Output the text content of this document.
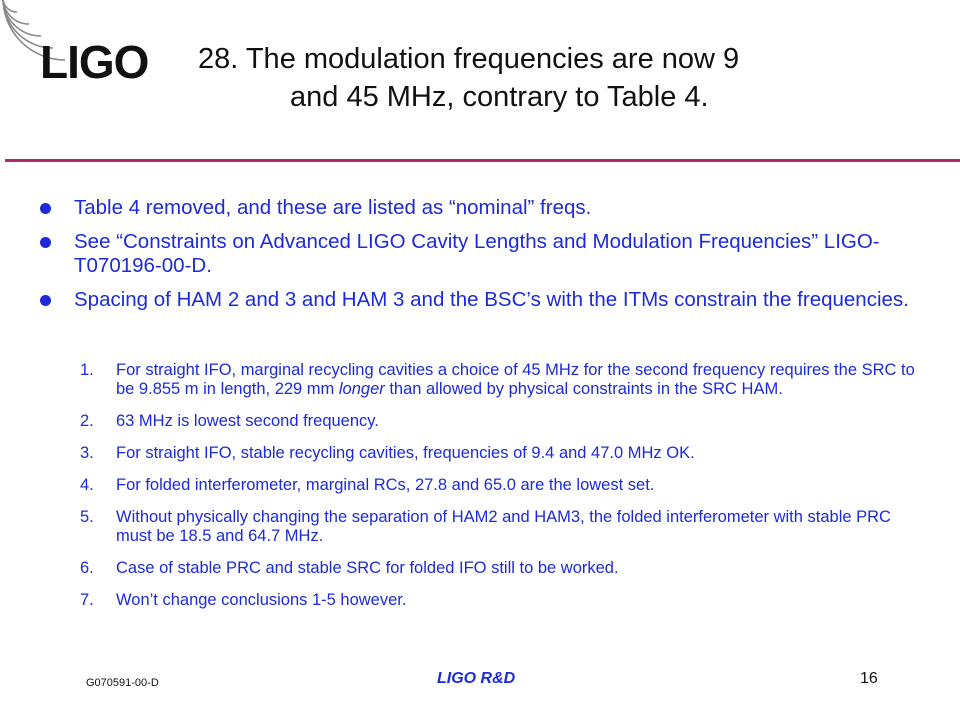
LIGO 28. The modulation frequencies are now 9
and 45 MHz, contrary to Table 4.
Table 4 removed, and these are listed as “nominal” freqs.
See “Constraints on Advanced LIGO Cavity Lengths and Modulation Frequencies” LIGO-T070196-00-D.
Spacing of HAM 2 and 3 and HAM 3 and the BSC’s with the ITMs constrain the frequencies.
1. For straight IFO, marginal recycling cavities a choice of 45 MHz for the second frequency requires the SRC to be 9.855 m in length, 229 mm longer than allowed by physical constraints in the SRC HAM.
2. 63 MHz is lowest second frequency.
3. For straight IFO, stable recycling cavities, frequencies of 9.4 and 47.0 MHz OK.
4. For folded interferometer, marginal RCs, 27.8 and 65.0 are the lowest set.
5. Without physically changing the separation of HAM2 and HAM3, the folded interferometer with stable PRC must be 18.5 and 64.7 MHz.
6. Case of stable PRC and stable SRC for folded IFO still to be worked.
7. Won’t change conclusions 1-5 however.
G070591-00-D	LIGO R&D	16
